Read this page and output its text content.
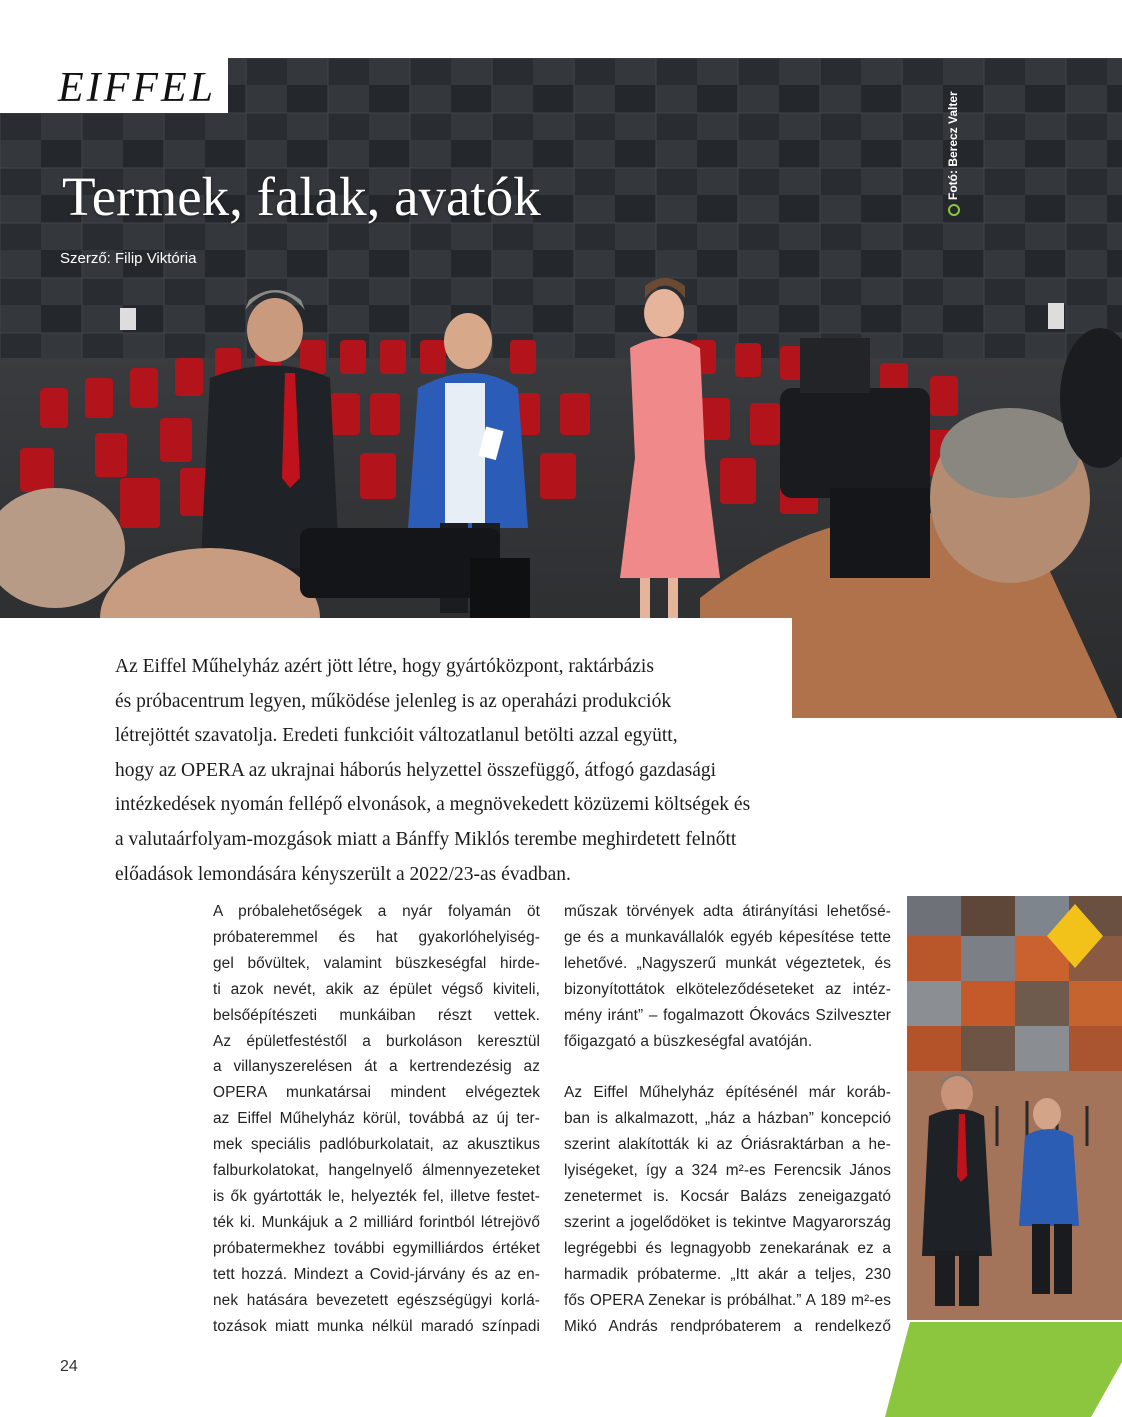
EIFFEL
Termek, falak, avatók
Szerző: Filip Viktória
Fotó: Berecz Valter

Az Eiffel Műhelyház azért jött létre, hogy gyártóközpont, raktárbázis

és próbacentrum legyen, működése jelenleg is az operaházi produkciók

létrejöttét szavatolja. Eredeti funkcióit változatlanul betölti azzal együtt,

hogy az OPERA az ukrajnai háborús helyzettel összefüggő, átfogó gazdasági

intézkedések nyomán fellépő elvonások, a megnövekedett közüzemi költségek és

a valutaárfolyam-mozgások miatt a Bánffy Miklós terembe meghirdetett felnőtt

előadások lemondására kényszerült a 2022/23-as évadban.

A próbalehetőségek a nyár folyamán öt

próbateremmel és hat gyakorlóhelyiség-

gel bővültek, valamint büszkeségfal hirde-

ti azok nevét, akik az épület végső kiviteli,

belsőépítészeti munkáiban részt vettek.

Az épületfestéstől a burkoláson keresztül

a villanyszerelésen át a kertrendezésig az

OPERA munkatársai mindent elvégeztek

az Eiffel Műhelyház körül, továbbá az új ter-

mek speciális padlóburkolatait, az akusztikus

falburkolatokat, hangelnyelő álmennyezeteket

is ők gyártották le, helyezték fel, illetve festet-

ték ki. Munkájuk a 2 milliárd forintból létrejövő

próbatermekhez további egymilliárdos értéket

tett hozzá. Mindezt a Covid-járvány és az en-

nek hatására bevezetett egészségügyi korlá-

tozások miatt munka nélkül maradó színpadi

műszak törvények adta átirányítási lehetősé-

ge és a munkavállalók egyéb képesítése tette

lehetővé. „Nagyszerű munkát végeztetek, és

bizonyítottátok elköteleződéseteket az intéz-

mény iránt” – fogalmazott Ókovács Szilveszter

főigazgató a büszkeségfal avatóján.

Az Eiffel Műhelyház építésénél már koráb-

ban is alkalmazott, „ház a házban” koncepció

szerint alakították ki az Óriásraktárban a he-

lyiségeket, így a 324 m²-es Ferencsik János

zenetermet is. Kocsár Balázs zeneigazgató

szerint a jogelődöket is tekintve Magyarország

legrégebbi és legnagyobb zenekarának ez a

harmadik próbaterme. „Itt akár a teljes, 230

fős OPERA Zenekar is próbálhat.” A 189 m²-es

Mikó András rendpróbaterem a rendelkező

24
